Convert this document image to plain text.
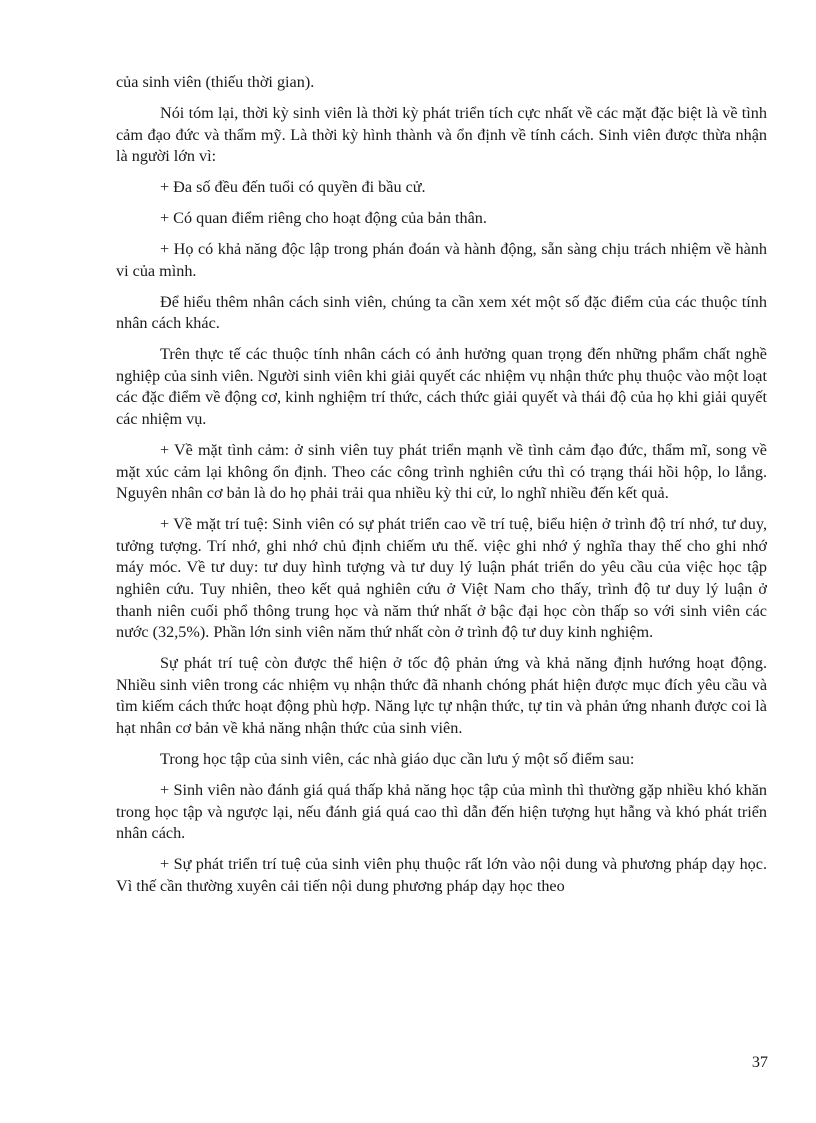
của sinh viên (thiếu thời gian).

Nói tóm lại, thời kỳ sinh viên là thời kỳ phát triển tích cực nhất về các mặt đặc biệt là về tình cảm đạo đức và thẩm mỹ. Là thời kỳ hình thành và ổn định về tính cách. Sinh viên được thừa nhận là người lớn vì:

+ Đa số đều đến tuổi có quyền đi bầu cử.

+ Có quan điểm riêng cho hoạt động của bản thân.

+ Họ có khả năng độc lập trong phán đoán và hành động, sẵn sàng chịu trách nhiệm về hành vi của mình.

Để hiểu thêm nhân cách sinh viên, chúng ta cần xem xét một số đặc điểm của các thuộc tính nhân cách khác.

Trên thực tế các thuộc tính nhân cách có ảnh hưởng quan trọng đến những phẩm chất nghề nghiệp của sinh viên. Người sinh viên khi giải quyết các nhiệm vụ nhận thức phụ thuộc vào một loạt các đặc điểm về động cơ, kinh nghiệm trí thức, cách thức giải quyết và thái độ của họ khi giải quyết các nhiệm vụ.

+ Về mặt tình cảm: ở sinh viên tuy phát triển mạnh về tình cảm đạo đức, thẩm mĩ, song về mặt xúc cảm lại không ổn định. Theo các công trình nghiên cứu thì có trạng thái hồi hộp, lo lắng. Nguyên nhân cơ bản là do họ phải trải qua nhiều kỳ thi cử, lo nghĩ nhiều đến kết quả.

+ Về mặt trí tuệ: Sinh viên có sự phát triển cao về trí tuệ, biểu hiện ở trình độ trí nhớ, tư duy, tưởng tượng. Trí nhớ, ghi nhớ chủ định chiếm ưu thế. việc ghi nhớ ý nghĩa thay thế cho ghi nhớ máy móc. Về tư duy: tư duy hình tượng và tư duy lý luận phát triển do yêu cầu của việc học tập nghiên cứu. Tuy nhiên, theo kết quả nghiên cứu ở Việt Nam cho thấy, trình độ tư duy lý luận ở thanh niên cuối phổ thông trung học và năm thứ nhất ở bậc đại học còn thấp so với sinh viên các nước (32,5%). Phần lớn sinh viên năm thứ nhất còn ở trình độ tư duy kinh nghiệm.

Sự phát trí tuệ còn được thể hiện ở tốc độ phản ứng và khả năng định hướng hoạt động. Nhiều sinh viên trong các nhiệm vụ nhận thức đã nhanh chóng phát hiện được mục đích yêu cầu và tìm kiếm cách thức hoạt động phù hợp. Năng lực tự nhận thức, tự tin và phản ứng nhanh được coi là hạt nhân cơ bản về khả năng nhận thức của sinh viên.

Trong học tập của sinh viên, các nhà giáo dục cần lưu ý một số điểm sau:

+ Sinh viên nào đánh giá quá thấp khả năng học tập của mình thì thường gặp nhiều khó khăn trong học tập và ngược lại, nếu đánh giá quá cao thì dẫn đến hiện tượng hụt hẫng và khó phát triển nhân cách.

+ Sự phát triển trí tuệ của sinh viên phụ thuộc rất lớn vào nội dung và phương pháp dạy học. Vì thế cần thường xuyên cải tiến nội dung phương pháp dạy học theo

37
